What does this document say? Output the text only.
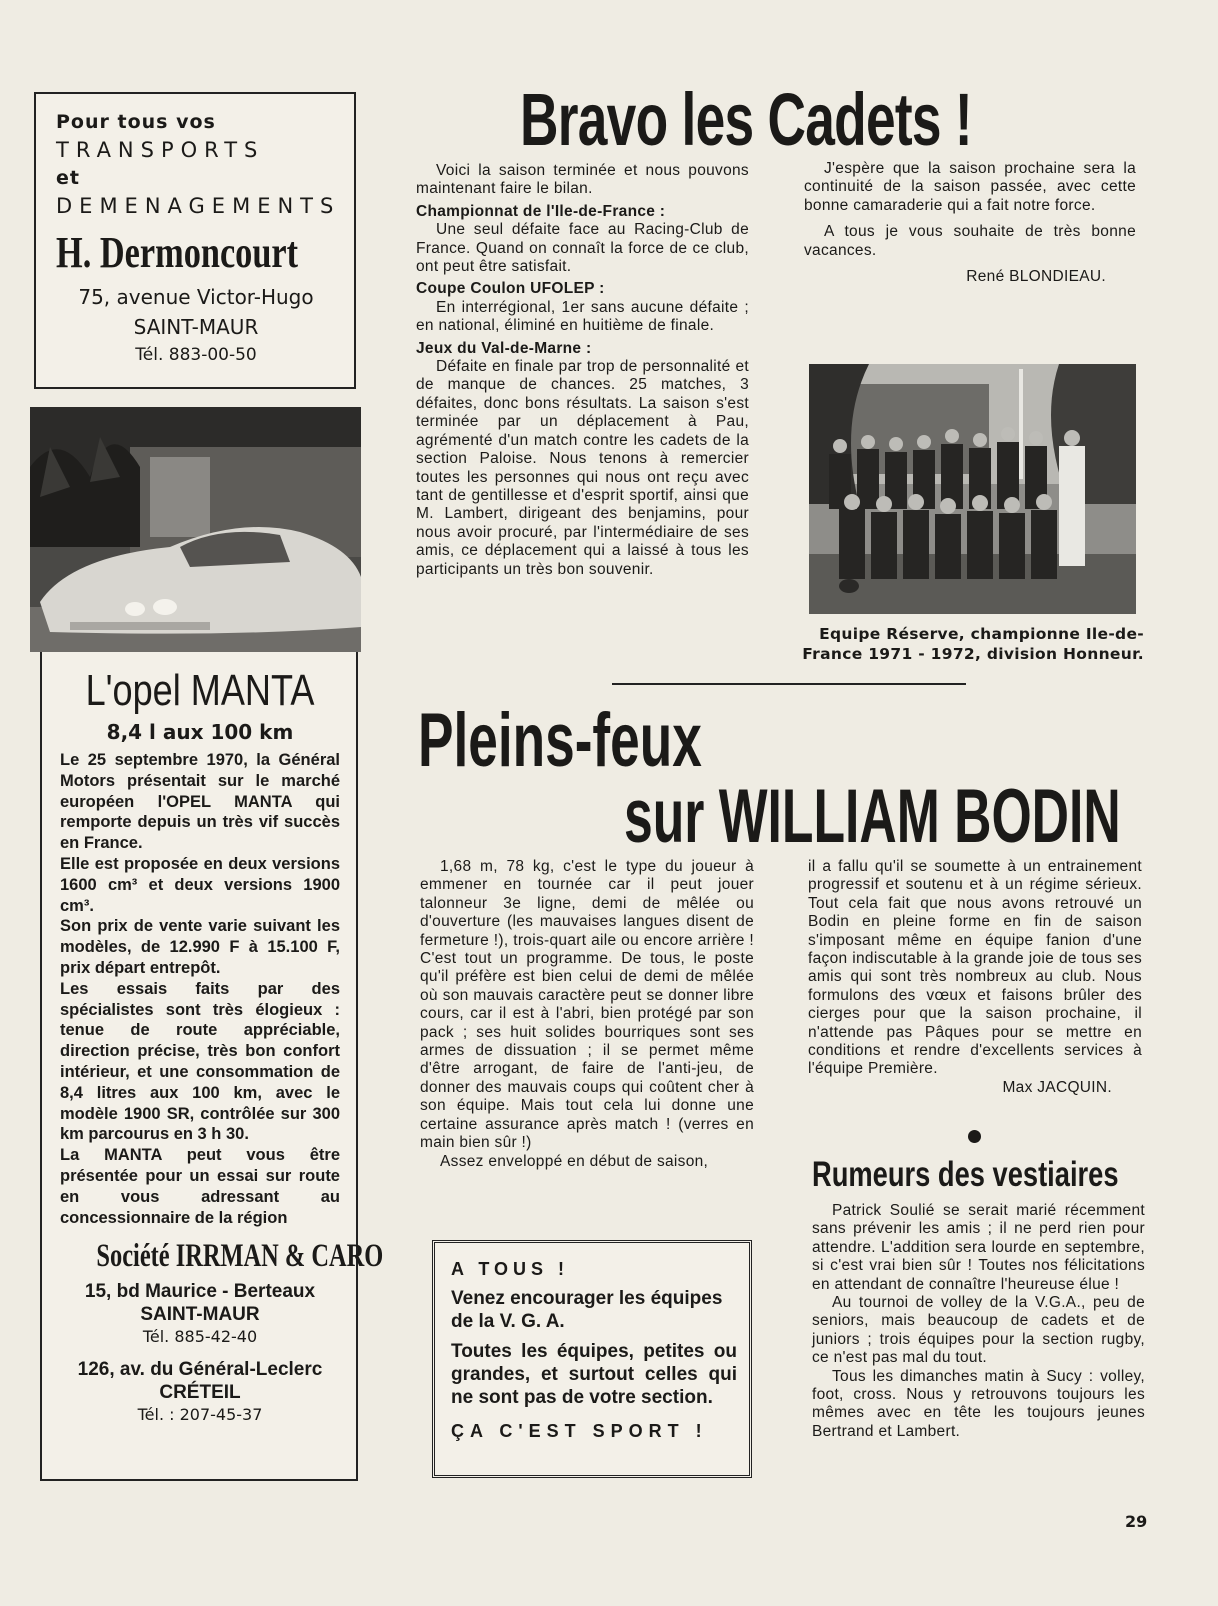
Pour tous vos
TRANSPORTS
et
DEMENAGEMENTS
H. Dermoncourt
75, avenue Victor-Hugo
SAINT-MAUR
Tél. 883-00-50
L'opel MANTA
8,4 l aux 100 km

Le 25 septembre 1970, la Général Motors présentait sur le marché européen l'OPEL MANTA qui remporte depuis un très vif succès en France.

Elle est proposée en deux versions 1600 cm³ et deux versions 1900 cm³.

Son prix de vente varie suivant les modèles, de 12.990 F à 15.100 F, prix départ entrepôt.

Les essais faits par des spécialistes sont très élogieux : tenue de route appréciable, direction précise, très bon confort intérieur, et une consommation de 8,4 litres aux 100 km, avec le modèle 1900 SR, contrôlée sur 300 km parcourus en 3 h 30.

La MANTA peut vous être présentée pour un essai sur route en vous adressant au concessionnaire de la région

Société IRRMAN & CARO
15, bd Maurice - Berteaux
SAINT-MAUR
Tél. 885-42-40
126, av. du Général-Leclerc
CRÉTEIL
Tél. : 207-45-37
Bravo les Cadets !

Voici la saison terminée et nous pouvons maintenant faire le bilan.

Championnat de l'Ile-de-France :

Une seul défaite face au Racing-Club de France. Quand on connaît la force de ce club, ont peut être satisfait.

Coupe Coulon UFOLEP :

En interrégional, 1er sans aucune défaite ; en national, éliminé en huitième de finale.

Jeux du Val-de-Marne :

Défaite en finale par trop de personnalité et de manque de chances. 25 matches, 3 défaites, donc bons résultats. La saison s'est terminée par un déplacement à Pau, agrémenté d'un match contre les cadets de la section Paloise. Nous tenons à remercier toutes les personnes qui nous ont reçu avec tant de gentillesse et d'esprit sportif, ainsi que M. Lambert, dirigeant des benjamins, pour nous avoir procuré, par l'intermédiaire de ses amis, ce déplacement qui a laissé à tous les participants un très bon souvenir.

J'espère que la saison prochaine sera la continuité de la saison passée, avec cette bonne camaraderie qui a fait notre force.

A tous je vous souhaite de très bonne vacances.

René BLONDIEAU.

Equipe Réserve, championne Ile-de-France 1971 - 1972, division Honneur.
Pleins-feux
sur WILLIAM BODIN

1,68 m, 78 kg, c'est le type du joueur à emmener en tournée car il peut jouer talonneur 3e ligne, demi de mêlée ou d'ouverture (les mauvaises langues disent de fermeture !), trois-quart aile ou encore arrière ! C'est tout un programme. De tous, le poste qu'il préfère est bien celui de demi de mêlée où son mauvais caractère peut se donner libre cours, car il est à l'abri, bien protégé par son pack ; ses huit solides bourriques sont ses armes de dissuation ; il se permet même d'être arrogant, de faire de l'anti-jeu, de donner des mauvais coups qui coûtent cher à son équipe. Mais tout cela lui donne une certaine assurance après match ! (verres en main bien sûr !)

Assez enveloppé en début de saison,

il a fallu qu'il se soumette à un entrainement progressif et soutenu et à un régime sérieux. Tout cela fait que nous avons retrouvé un Bodin en pleine forme en fin de saison s'imposant même en équipe fanion d'une façon indiscutable à la grande joie de tous ses amis qui sont très nombreux au club. Nous formulons des vœux et faisons brûler des cierges pour que la saison prochaine, il n'attende pas Pâques pour se mettre en conditions et rendre d'excellents services à l'équipe Première.

Max JACQUIN.

Rumeurs des vestiaires

Patrick Soulié se serait marié récemment sans prévenir les amis ; il ne perd rien pour attendre. L'addition sera lourde en septembre, si c'est vrai bien sûr ! Toutes nos félicitations en attendant de connaître l'heureuse élue !

Au tournoi de volley de la V.G.A., peu de seniors, mais beaucoup de cadets et de juniors ; trois équipes pour la section rugby, ce n'est pas mal du tout.

Tous les dimanches matin à Sucy : volley, foot, cross. Nous y retrouvons toujours les mêmes avec en tête les toujours jeunes Bertrand et Lambert.

A TOUS !
Venez encourager les équipes de la V. G. A.
Toutes les équipes, petites ou grandes, et surtout celles qui ne sont pas de votre section.
ÇA C'EST SPORT !
29
